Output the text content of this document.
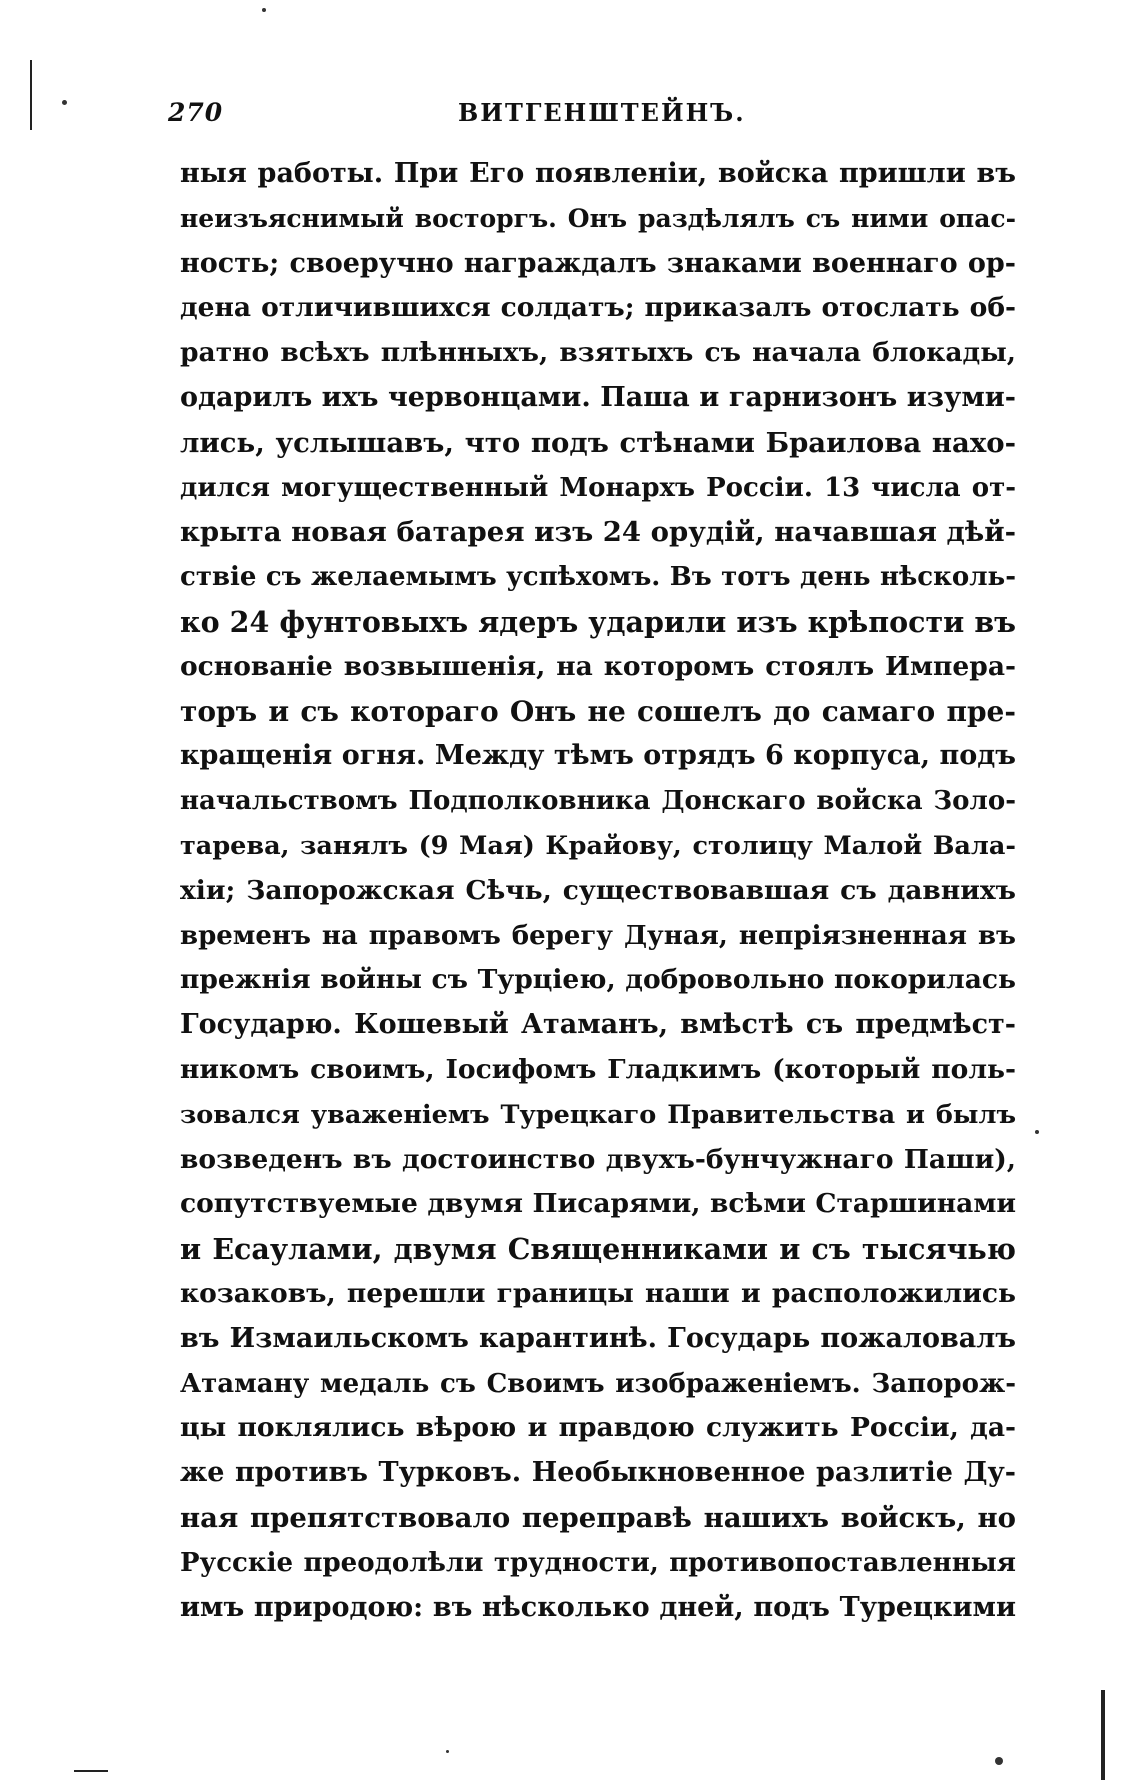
270	ВИТГЕНШТЕЙНЪ.
ныя работы. При Его появленіи, войска пришли въ
неизъяснимый восторгъ. Онъ раздѣлялъ съ ними опас-
ность; своеручно награждалъ знаками военнаго ор-
дена отличившихся солдатъ; приказалъ отослать об-
ратно всѣхъ плѣнныхъ, взятыхъ съ начала блокады,
одарилъ ихъ червонцами. Паша и гарнизонъ изуми-
лись, услышавъ, что подъ стѣнами Браилова нахо-
дился могущественный Монархъ Россіи. 13 числа от-
крыта новая батарея изъ 24 орудій, начавшая дѣй-
ствіе съ желаемымъ успѣхомъ. Въ тотъ день нѣсколь-
ко 24 фунтовыхъ ядеръ ударили изъ крѣпости въ
основаніе возвышенія, на которомъ стоялъ Импера-
торъ и съ котораго Онъ не сошелъ до самаго пре-
кращенія огня. Между тѣмъ отрядъ 6 корпуса, подъ
начальствомъ Подполковника Донскаго войска Золо-
тарева, занялъ (9 Мая) Крайову, столицу Малой Вала-
хіи; Запорожская Сѣчь, существовавшая съ давнихъ
временъ на правомъ берегу Дуная, непріязненная въ
прежнія войны съ Турціею, добровольно покорилась
Государю. Кошевый Атаманъ, вмѣстѣ съ предмѣст-
никомъ своимъ, Іосифомъ Гладкимъ (который поль-
зовался уваженіемъ Турецкаго Правительства и былъ
возведенъ въ достоинство двухъ-бунчужнаго Паши),
сопутствуемые двумя Писарями, всѣми Старшинами
и Есаулами, двумя Священниками и съ тысячью
козаковъ, перешли границы наши и расположились
въ Измаильскомъ карантинѣ. Государь пожаловалъ
Атаману медаль съ Своимъ изображеніемъ. Запорож-
цы поклялись вѣрою и правдою служить Россіи, да-
же противъ Турковъ. Необыкновенное разлитіе Ду-
ная препятствовало переправѣ нашихъ войскъ, но
Русскіе преодолѣли трудности, противопоставленныя
имъ природою: въ нѣсколько дней, подъ Турецкими
